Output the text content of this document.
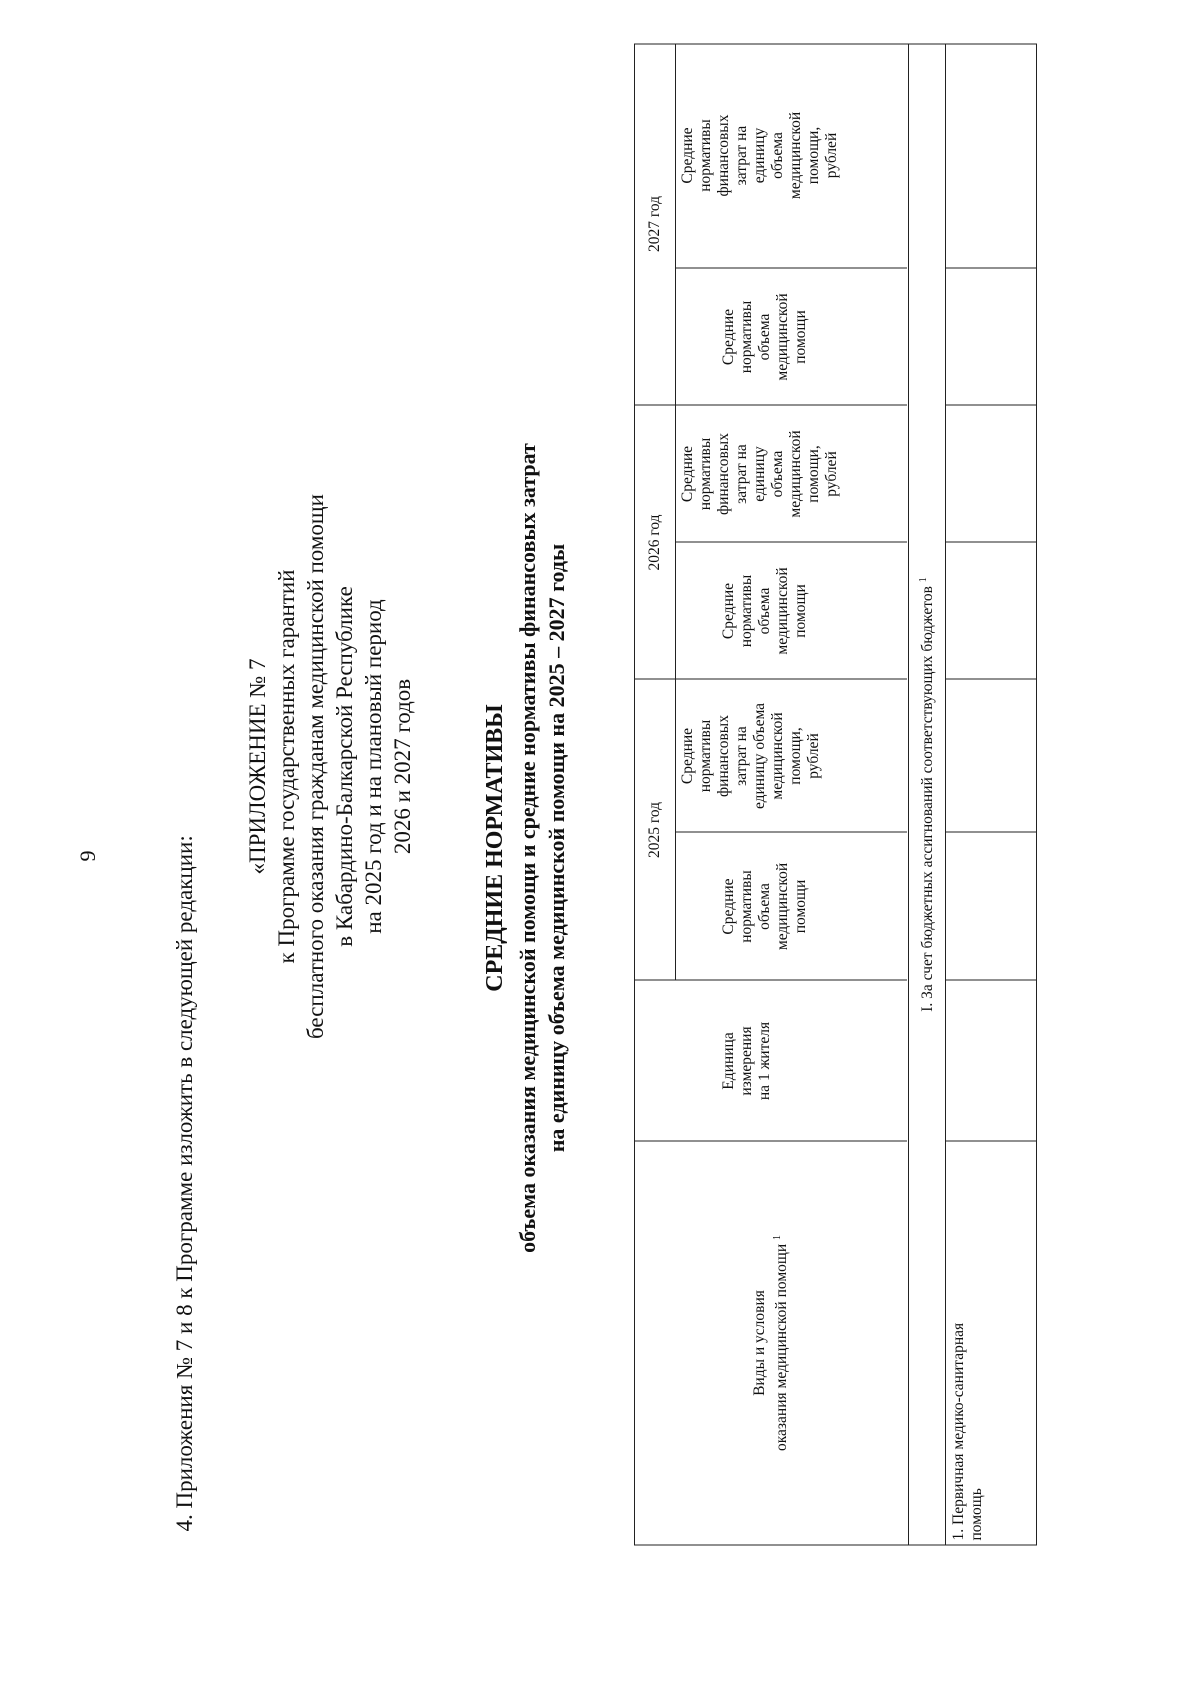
9	4. Приложения № 7 и 8 к Программе изложить в следующей редакции:
«ПРИЛОЖЕНИЕ № 7 к Программе государственных гарантий бесплатного оказания гражданам медицинской помощи в Кабардино-Балкарской Республике на 2025 год и на плановый период 2026 и 2027 годов	СРЕДНИЕ НОРМАТИВЫ объема оказания медицинской помощи и средние нормативы финансовых затрат на единицу объема медицинской помощи на 2025 – 2027 годы
Виды и условия оказания медицинской помощи $^1$
Единица измерения на 1 жителя
2025 год
2026 год
2027 год
Средние нормативы объема медицинской помощи
Средние нормативы финансовых затрат на единицу объема медицинской помощи, рублей
Средние нормативы объема медицинской помощи
Средние нормативы финансовых затрат на единицу объема медицинской помощи, рублей
Средние нормативы объема медицинской помощи
Средние нормативы финансовых затрат на единицу объема медицинской помощи, рублей
I. За счет бюджетных ассигнований соответствующих бюджетов $^1$
1. Первичная медико-санитарная помощь
